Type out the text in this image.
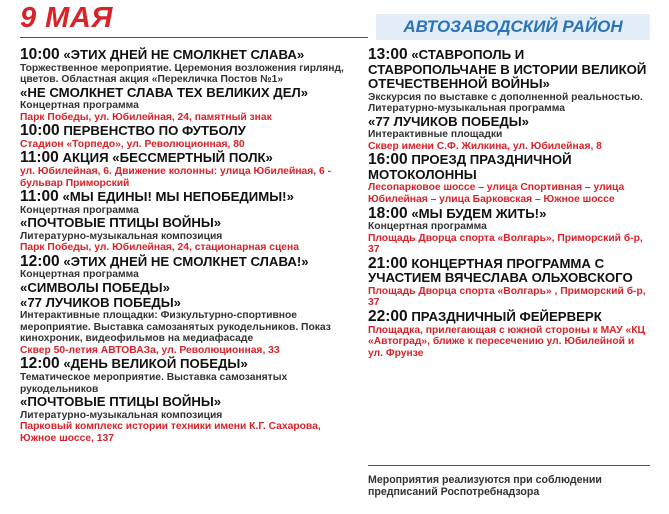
9 МАЯ	АВТОЗАВОДСКИЙ РАЙОН
10:00 «ЭТИХ ДНЕЙ НЕ СМОЛКНЕТ СЛАВА»
Торжественное мероприятие. Церемония возложения гирлянд, цветов. Областная акция «Перекличка Постов №1»
«НЕ СМОЛКНЕТ СЛАВА ТЕХ ВЕЛИКИХ ДЕЛ»
Концертная программа
Парк Победы, ул. Юбилейная, 24, памятный знак
10:00 ПЕРВЕНСТВО ПО ФУТБОЛУ
Стадион «Торпедо», ул. Революционная, 80
11:00 АКЦИЯ «БЕССМЕРТНЫЙ ПОЛК»
ул. Юбилейная, 6. Движение колонны: улица Юбилейная, 6 - бульвар Приморский
11:00 «МЫ ЕДИНЫ! МЫ НЕПОБЕДИМЫ!»
Концертная программа
«ПОЧТОВЫЕ ПТИЦЫ ВОЙНЫ»
Литературно-музыкальная композиция
Парк Победы, ул. Юбилейная, 24, стационарная сцена
12:00 «ЭТИХ ДНЕЙ НЕ СМОЛКНЕТ СЛАВА!»
Концертная программа
«СИМВОЛЫ ПОБЕДЫ»
«77 ЛУЧИКОВ ПОБЕДЫ»
Интерактивные площадки: Физкультурно-спортивное мероприятие. Выставка самозанятых рукодельников. Показ кинохроник, видеофильмов на медиафасаде
Сквер 50-летия АВТОВАЗа, ул. Революционная, 33
12:00 «ДЕНЬ ВЕЛИКОЙ ПОБЕДЫ»
Тематическое мероприятие. Выставка самозанятых рукодельников
«ПОЧТОВЫЕ ПТИЦЫ ВОЙНЫ»
Литературно-музыкальная композиция
Парковый комплекс истории техники имени К.Г. Сахарова, Южное шоссе, 137
13:00 «СТАВРОПОЛЬ И СТАВРОПОЛЬЧАНЕ В ИСТОРИИ ВЕЛИКОЙ ОТЕЧЕСТВЕННОЙ ВОЙНЫ»
Экскурсия по выставке с дополненной реальностью.
Литературно-музыкальная программа
«77 ЛУЧИКОВ ПОБЕДЫ»
Интерактивные площадки
Сквер имени С.Ф. Жилкина, ул. Юбилейная, 8
16:00 ПРОЕЗД ПРАЗДНИЧНОЙ МОТОКОЛОННЫ
Лесопарковое шоссе – улица Спортивная – улица Юбилейная – улица Барковская – Южное шоссе
18:00 «МЫ БУДЕМ ЖИТЬ!»
Концертная программа
Площадь Дворца спорта «Волгарь», Приморский б-р, 37
21:00 КОНЦЕРТНАЯ ПРОГРАММА С УЧАСТИЕМ ВЯЧЕСЛАВА ОЛЬХОВСКОГО
Площадь Дворца спорта «Волгарь» , Приморский б-р, 37
22:00 ПРАЗДНИЧНЫЙ ФЕЙЕРВЕРК
Площадка, прилегающая с южной стороны к МАУ «КЦ «Автоград», ближе к пересечению ул. Юбилейной и ул. Фрунзе
Мероприятия реализуются при соблюдении предписаний Роспотребнадзора
